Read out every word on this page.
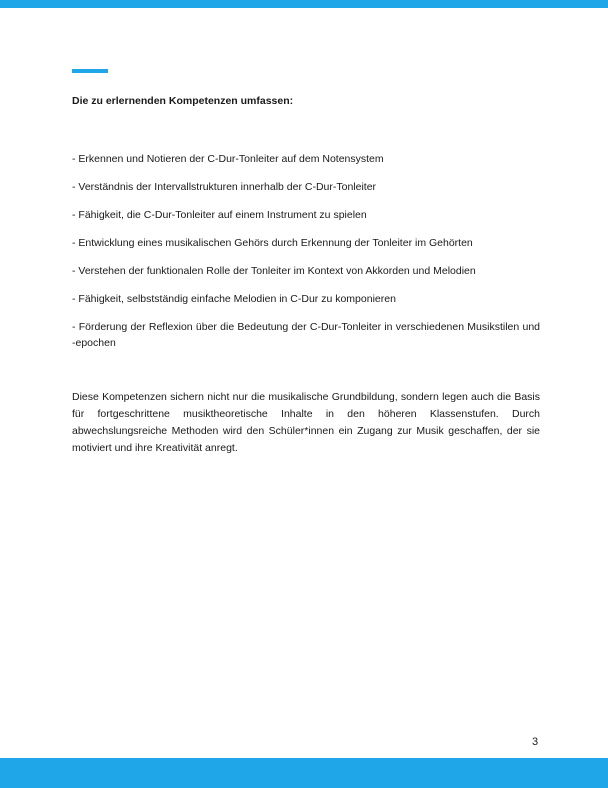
Die zu erlernenden Kompetenzen umfassen:
- Erkennen und Notieren der C-Dur-Tonleiter auf dem Notensystem
- Verständnis der Intervallstrukturen innerhalb der C-Dur-Tonleiter
- Fähigkeit, die C-Dur-Tonleiter auf einem Instrument zu spielen
- Entwicklung eines musikalischen Gehörs durch Erkennung der Tonleiter im Gehörten
- Verstehen der funktionalen Rolle der Tonleiter im Kontext von Akkorden und Melodien
- Fähigkeit, selbstständig einfache Melodien in C-Dur zu komponieren
- Förderung der Reflexion über die Bedeutung der C-Dur-Tonleiter in verschiedenen Musikstilen und -epochen

Diese Kompetenzen sichern nicht nur die musikalische Grundbildung, sondern legen auch die Basis für fortgeschrittene musiktheoretische Inhalte in den höheren Klassenstufen. Durch abwechslungsreiche Methoden wird den Schüler*innen ein Zugang zur Musik geschaffen, der sie motiviert und ihre Kreativität anregt.

3
